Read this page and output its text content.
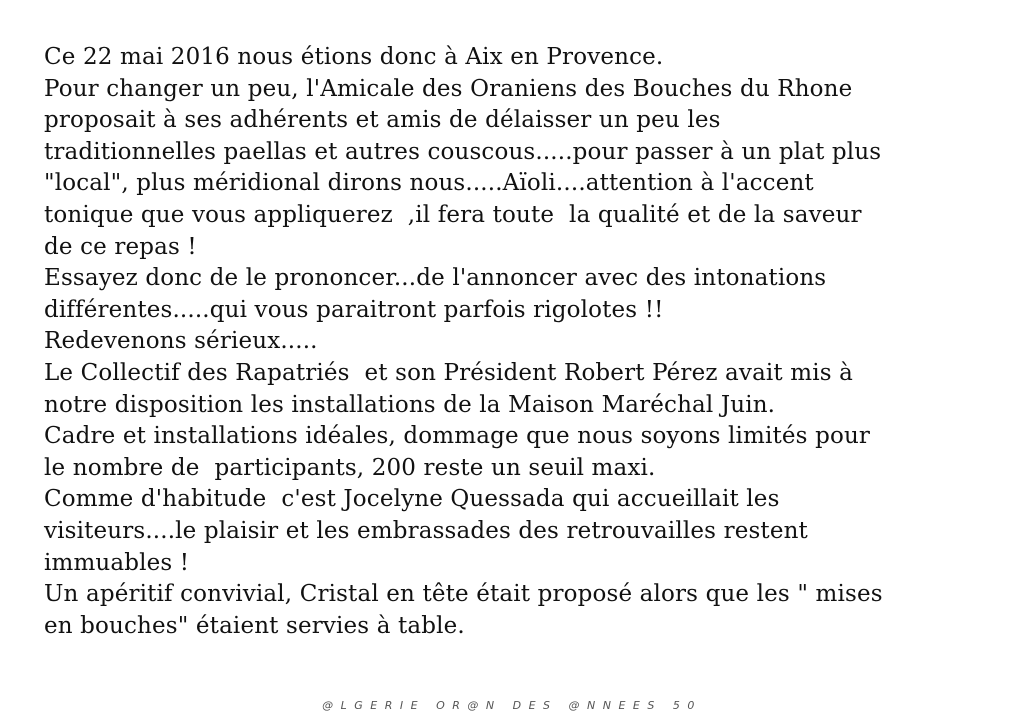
Ce 22 mai 2016 nous étions donc à Aix en Provence.
Pour changer un peu, l'Amicale des Oraniens des Bouches du Rhone
proposait à ses adhérents et amis de délaisser un peu les
traditionnelles paellas et autres couscous.....pour passer à un plat plus
"local", plus méridional dirons nous.....Aïoli....attention à l'accent
tonique que vous appliquerez  ,il fera toute  la qualité et de la saveur
de ce repas !
Essayez donc de le prononcer...de l'annoncer avec des intonations
différentes.....qui vous paraitront parfois rigolotes !!
Redevenons sérieux.....
Le Collectif des Rapatriés  et son Président Robert Pérez avait mis à
notre disposition les installations de la Maison Maréchal Juin.
Cadre et installations idéales, dommage que nous soyons limités pour
le nombre de  participants, 200 reste un seuil maxi.
Comme d'habitude  c'est Jocelyne Quessada qui accueillait les
visiteurs....le plaisir et les embrassades des retrouvailles restent
immuables !
Un apéritif convivial, Cristal en tête était proposé alors que les " mises
en bouches" étaient servies à table.
@LGERIE OR@N DES @NNEES 50
